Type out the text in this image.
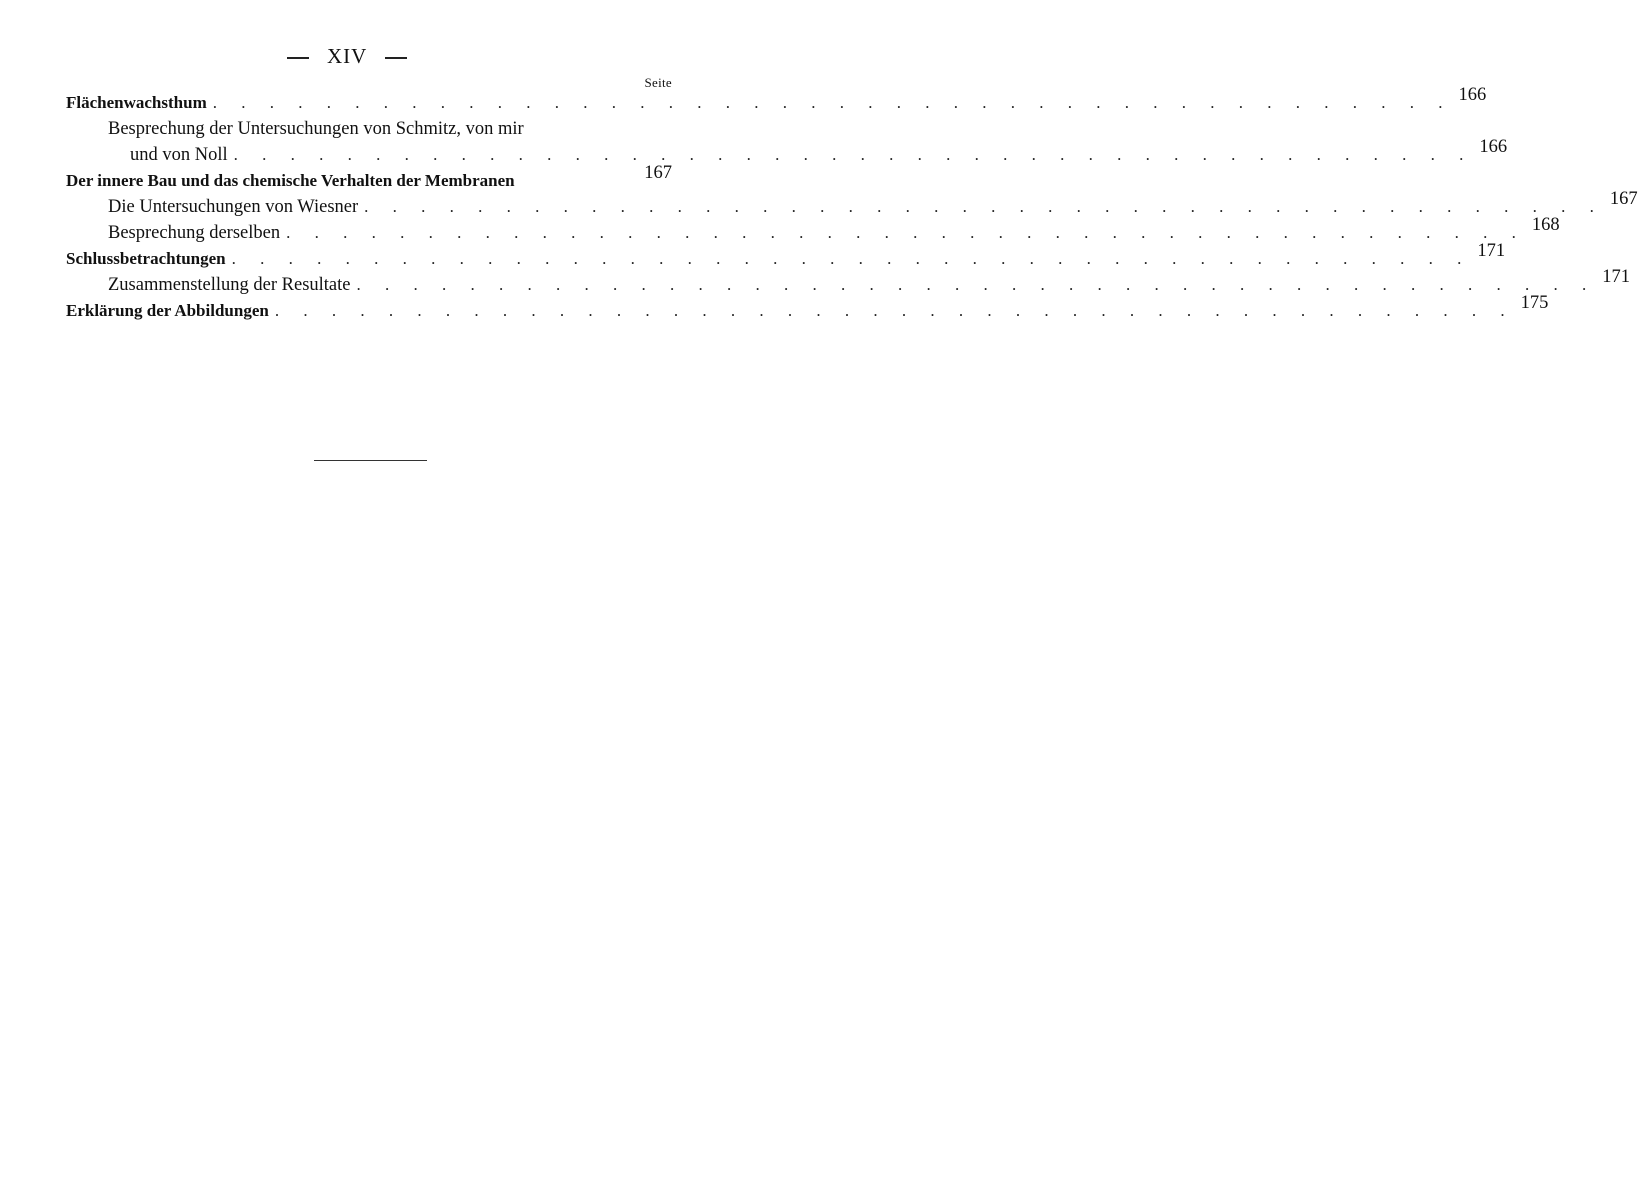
XIV
Seite
Flächenwachsthum . . . . . . . . . . . . . . . . . . . . . . . . . . . . . . . . . . . . . . . . . . . . 166
Besprechung der Untersuchungen von Schmitz, von mir
und von Noll . . . . . . . . . . . . . . . . . . . . . . . . . . . . . . . . . . . . . . . . . . . . 166
Der innere Bau und das chemische Verhalten der Membranen	167
Die Untersuchungen von Wiesner . . . . . . . . . . . . . . . . . . . . . . . . . . . . . . . . . . . . . . . . . . . . 167
Besprechung derselben . . . . . . . . . . . . . . . . . . . . . . . . . . . . . . . . . . . . . . . . . . . . 168
Schlussbetrachtungen . . . . . . . . . . . . . . . . . . . . . . . . . . . . . . . . . . . . . . . . . . . . 171
Zusammenstellung der Resultate . . . . . . . . . . . . . . . . . . . . . . . . . . . . . . . . . . . . . . . . . . . . 171
Erklärung der Abbildungen . . . . . . . . . . . . . . . . . . . . . . . . . . . . . . . . . . . . . . . . . . . . 175
